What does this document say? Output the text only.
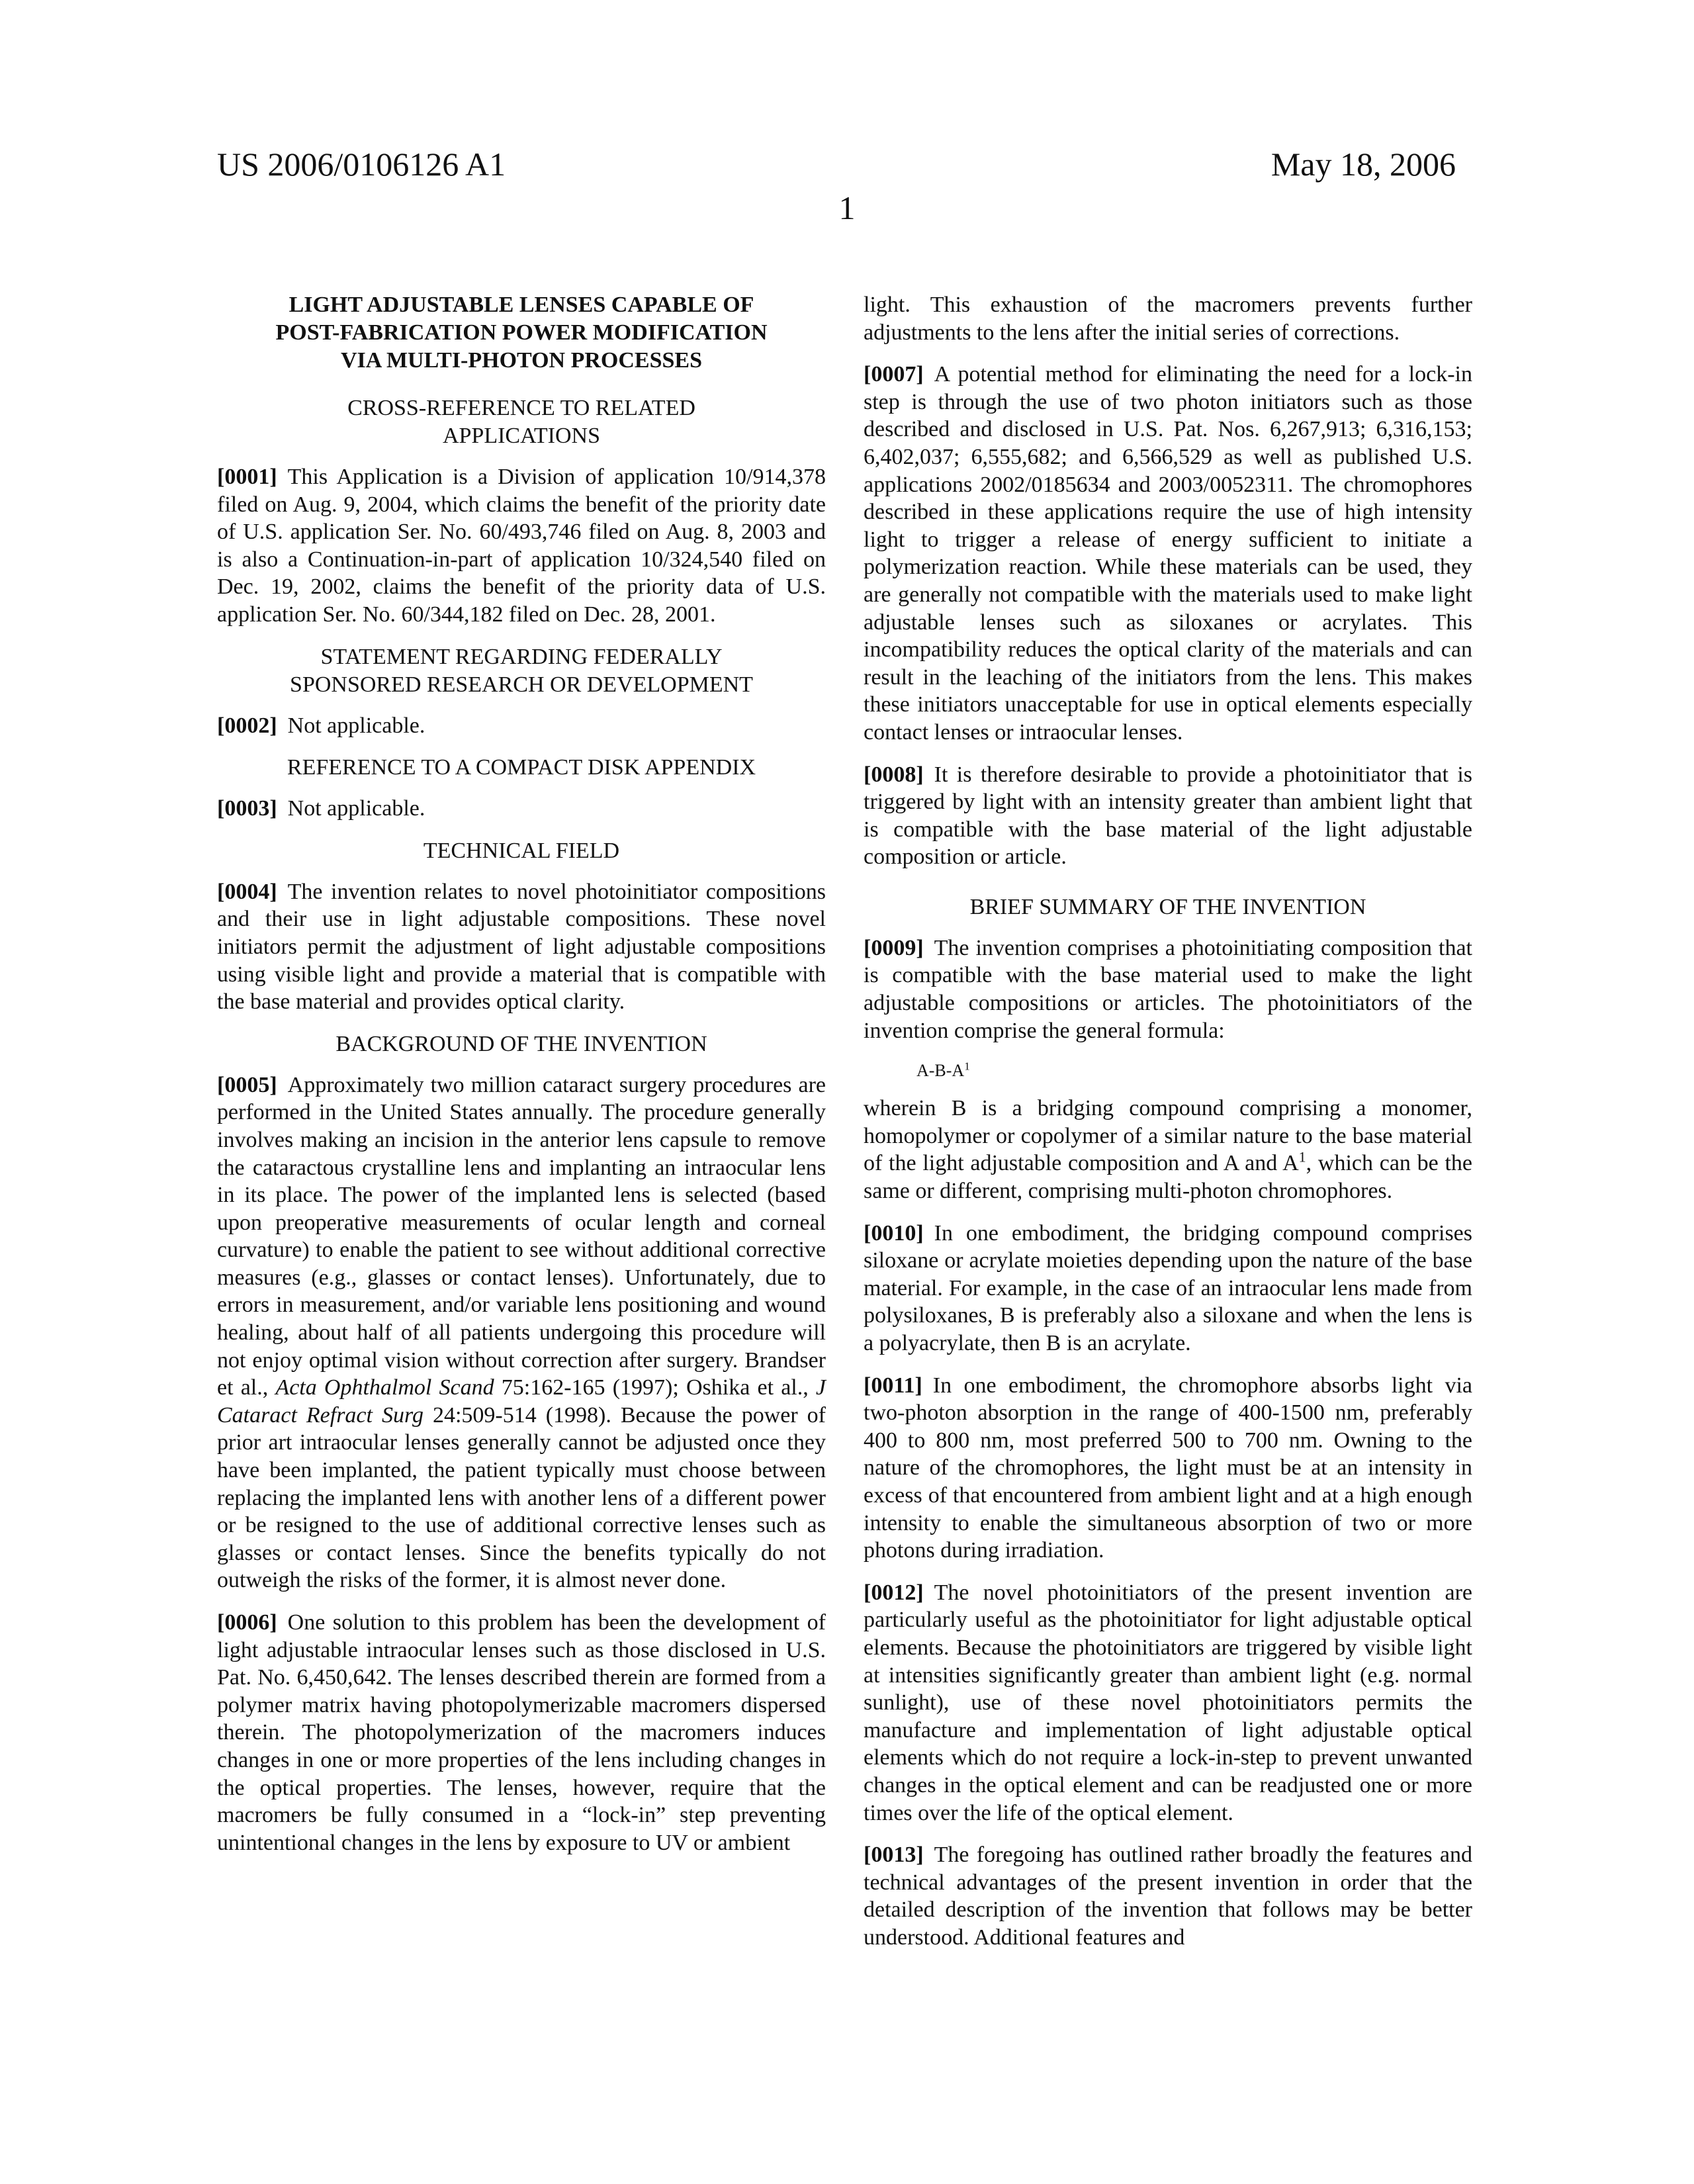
US 2006/0106126 A1	May 18, 2006
1
LIGHT ADJUSTABLE LENSES CAPABLE OF
POST-FABRICATION POWER MODIFICATION
VIA MULTI-PHOTON PROCESSES
CROSS-REFERENCE TO RELATED
APPLICATIONS

[0001] This Application is a Division of application 10/914,378 filed on Aug. 9, 2004, which claims the benefit of the priority date of U.S. application Ser. No. 60/493,746 filed on Aug. 8, 2003 and is also a Continuation-in-part of application 10/324,540 filed on Dec. 19, 2002, claims the benefit of the priority data of U.S. application Ser. No. 60/344,182 filed on Dec. 28, 2001.

STATEMENT REGARDING FEDERALLY
SPONSORED RESEARCH OR DEVELOPMENT

[0002] Not applicable.

REFERENCE TO A COMPACT DISK APPENDIX

[0003] Not applicable.

TECHNICAL FIELD

[0004] The invention relates to novel photoinitiator compositions and their use in light adjustable compositions. These novel initiators permit the adjustment of light adjustable compositions using visible light and provide a material that is compatible with the base material and provides optical clarity.

BACKGROUND OF THE INVENTION

[0005] Approximately two million cataract surgery procedures are performed in the United States annually. The procedure generally involves making an incision in the anterior lens capsule to remove the cataractous crystalline lens and implanting an intraocular lens in its place. The power of the implanted lens is selected (based upon preoperative measurements of ocular length and corneal curvature) to enable the patient to see without additional corrective measures (e.g., glasses or contact lenses). Unfortunately, due to errors in measurement, and/or variable lens positioning and wound healing, about half of all patients undergoing this procedure will not enjoy optimal vision without correction after surgery. Brandser et al., Acta Ophthalmol Scand 75:162-165 (1997); Oshika et al., J Cataract Refract Surg 24:509-514 (1998). Because the power of prior art intraocular lenses generally cannot be adjusted once they have been implanted, the patient typically must choose between replacing the implanted lens with another lens of a different power or be resigned to the use of additional corrective lenses such as glasses or contact lenses. Since the benefits typically do not outweigh the risks of the former, it is almost never done.

[0006] One solution to this problem has been the development of light adjustable intraocular lenses such as those disclosed in U.S. Pat. No. 6,450,642. The lenses described therein are formed from a polymer matrix having photopolymerizable macromers dispersed therein. The photopolymerization of the macromers induces changes in one or more properties of the lens including changes in the optical properties. The lenses, however, require that the macromers be fully consumed in a “lock-in” step preventing unintentional changes in the lens by exposure to UV or ambient

light. This exhaustion of the macromers prevents further adjustments to the lens after the initial series of corrections.

[0007] A potential method for eliminating the need for a lock-in step is through the use of two photon initiators such as those described and disclosed in U.S. Pat. Nos. 6,267,913; 6,316,153; 6,402,037; 6,555,682; and 6,566,529 as well as published U.S. applications 2002/0185634 and 2003/0052311. The chromophores described in these applications require the use of high intensity light to trigger a release of energy sufficient to initiate a polymerization reaction. While these materials can be used, they are generally not compatible with the materials used to make light adjustable lenses such as siloxanes or acrylates. This incompatibility reduces the optical clarity of the materials and can result in the leaching of the initiators from the lens. This makes these initiators unacceptable for use in optical elements especially contact lenses or intraocular lenses.

[0008] It is therefore desirable to provide a photoinitiator that is triggered by light with an intensity greater than ambient light that is compatible with the base material of the light adjustable composition or article.

BRIEF SUMMARY OF THE INVENTION

[0009] The invention comprises a photoinitiating composition that is compatible with the base material used to make the light adjustable compositions or articles. The photoinitiators of the invention comprise the general formula:

A-B-A1

wherein B is a bridging compound comprising a monomer, homopolymer or copolymer of a similar nature to the base material of the light adjustable composition and A and A1, which can be the same or different, comprising multi-photon chromophores.

[0010] In one embodiment, the bridging compound comprises siloxane or acrylate moieties depending upon the nature of the base material. For example, in the case of an intraocular lens made from polysiloxanes, B is preferably also a siloxane and when the lens is a polyacrylate, then B is an acrylate.

[0011] In one embodiment, the chromophore absorbs light via two-photon absorption in the range of 400-1500 nm, preferably 400 to 800 nm, most preferred 500 to 700 nm. Owning to the nature of the chromophores, the light must be at an intensity in excess of that encountered from ambient light and at a high enough intensity to enable the simultaneous absorption of two or more photons during irradiation.

[0012] The novel photoinitiators of the present invention are particularly useful as the photoinitiator for light adjustable optical elements. Because the photoinitiators are triggered by visible light at intensities significantly greater than ambient light (e.g. normal sunlight), use of these novel photoinitiators permits the manufacture and implementation of light adjustable optical elements which do not require a lock-in-step to prevent unwanted changes in the optical element and can be readjusted one or more times over the life of the optical element.

[0013] The foregoing has outlined rather broadly the features and technical advantages of the present invention in order that the detailed description of the invention that follows may be better understood. Additional features and
